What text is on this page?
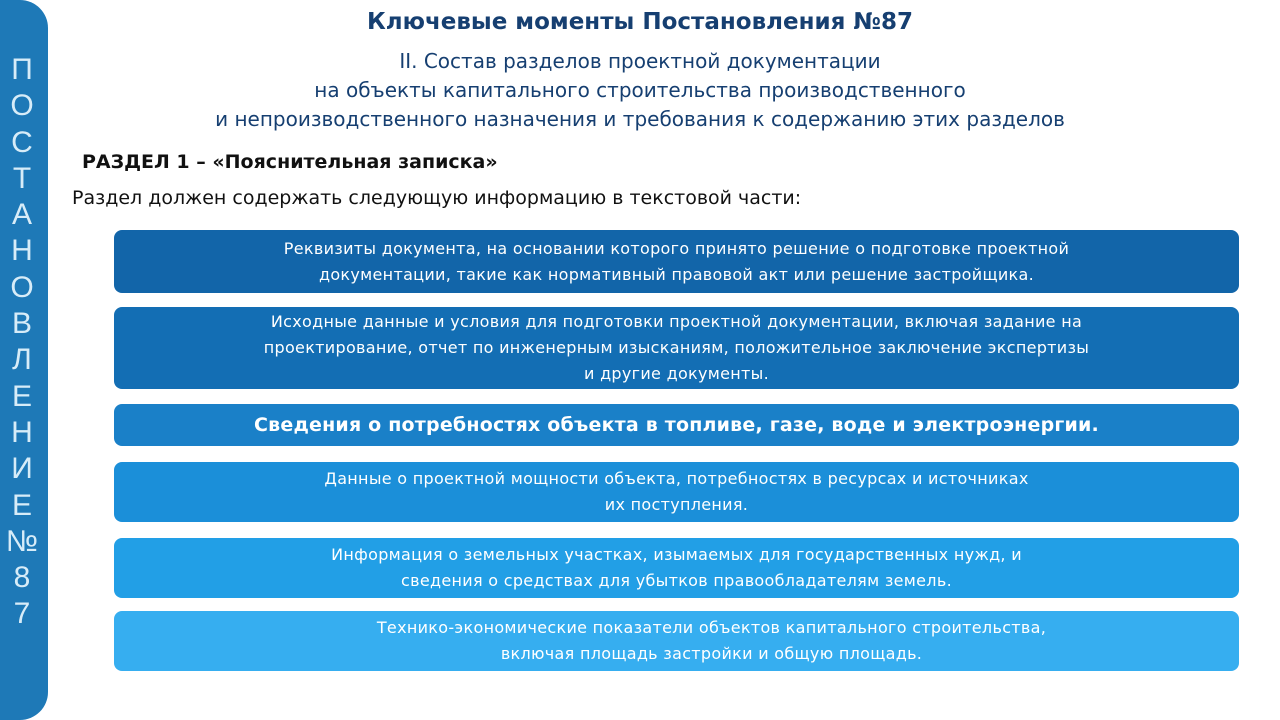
П
О
С
Т
А
Н
О
В
Л
Е
Н
И
Е
№
8
7
Ключевые моменты Постановления №87
II. Состав разделов проектной документации
на объекты капитального строительства производственного
и непроизводственного назначения и требования к содержанию этих разделов
РАЗДЕЛ 1 – «Пояснительная записка»
Раздел должен содержать следующую информацию в текстовой части:
Реквизиты документа, на основании которого принято решение о подготовке проектной
документации, такие как нормативный правовой акт или решение застройщика.
Исходные данные и условия для подготовки проектной документации, включая задание на
проектирование, отчет по инженерным изысканиям, положительное заключение экспертизы
и другие документы.
Сведения о потребностях объекта в топливе, газе, воде и электроэнергии.
Данные о проектной мощности объекта, потребностях в ресурсах и источниках
их поступления.
Информация о земельных участках, изымаемых для государственных нужд, и
сведения о средствах для убытков правообладателям земель.
Технико-экономические показатели объектов капитального строительства,
включая площадь застройки и общую площадь.
